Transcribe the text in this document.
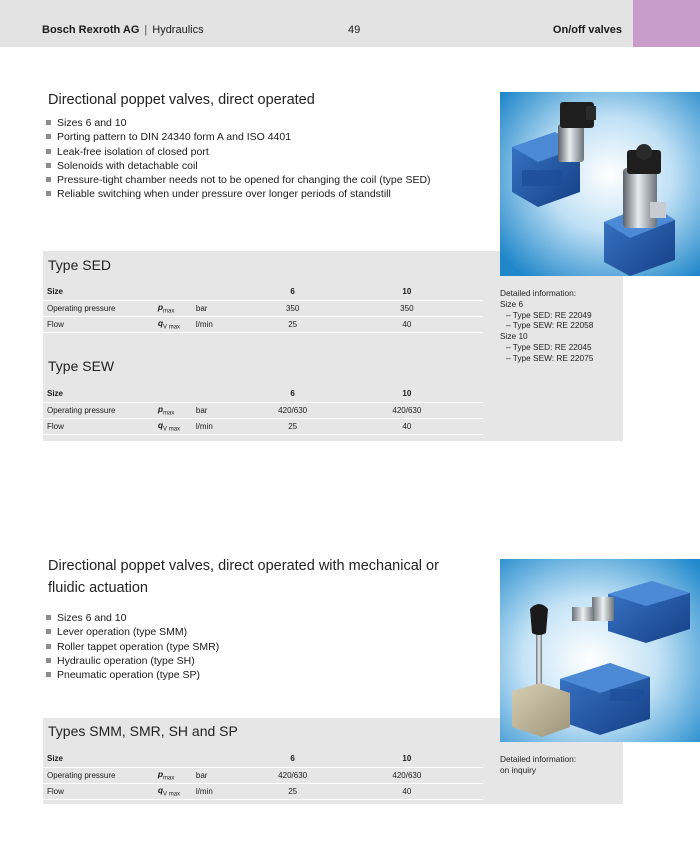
Bosch Rexroth AG | Hydraulics	49	On/off valves
Directional poppet valves, direct operated
Sizes 6 and 10
Porting pattern to DIN 24340 form A and ISO 4401
Leak-free isolation of closed port
Solenoids with detachable coil
Pressure-tight chamber needs not to be opened for changing the coil (type SED)
Reliable switching when under pressure over longer periods of standstill
Type SED
Size			6	10
Operating pressure	$p_{max}$	bar	350	350
Flow	$q_{V max}$	l/min	25	40
Type SEW
Size			6	10
Operating pressure	$p_{max}$	bar	420/630	420/630
Flow	$q_{V max}$	l/min	25	40
Detailed information:
Size 6
– Type SED: RE 22049
– Type SEW: RE 22058
Size 10
– Type SED: RE 22045
– Type SEW: RE 22075
Directional poppet valves, direct operated with mechanical or
fluidic actuation
Sizes 6 and 10
Lever operation (type SMM)
Roller tappet operation (type SMR)
Hydraulic operation (type SH)
Pneumatic operation (type SP)
Types SMM, SMR, SH and SP
Size			6	10
Operating pressure	$p_{max}$	bar	420/630	420/630
Flow	$q_{V max}$	l/min	25	40
Detailed information:
on inquiry
